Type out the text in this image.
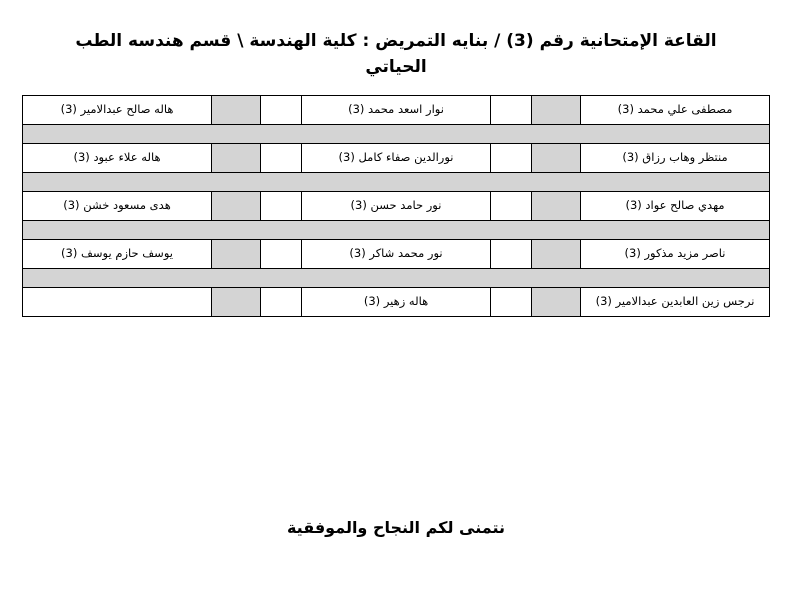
القاعة الإمتحانية رقم (3) / بنايه التمريض : كلية الهندسة \ قسم هندسه الطب الحياتي
مصطفى علي محمد (3)			نوار اسعد محمد (3)			هاله صالح عبدالامير (3)

منتظر وهاب رزاق (3)			نورالدين صفاء كامل (3)			هاله علاء عبود (3)

مهدي صالح عواد (3)			نور حامد حسن (3)			هدى مسعود خشن (3)

ناصر مزيد مذكور (3)			نور محمد شاكر (3)			يوسف حازم يوسف (3)

نرجس زين العابدين عبدالامير (3)			هاله زهير (3)			
نتمنى لكم النجاح والموفقية
